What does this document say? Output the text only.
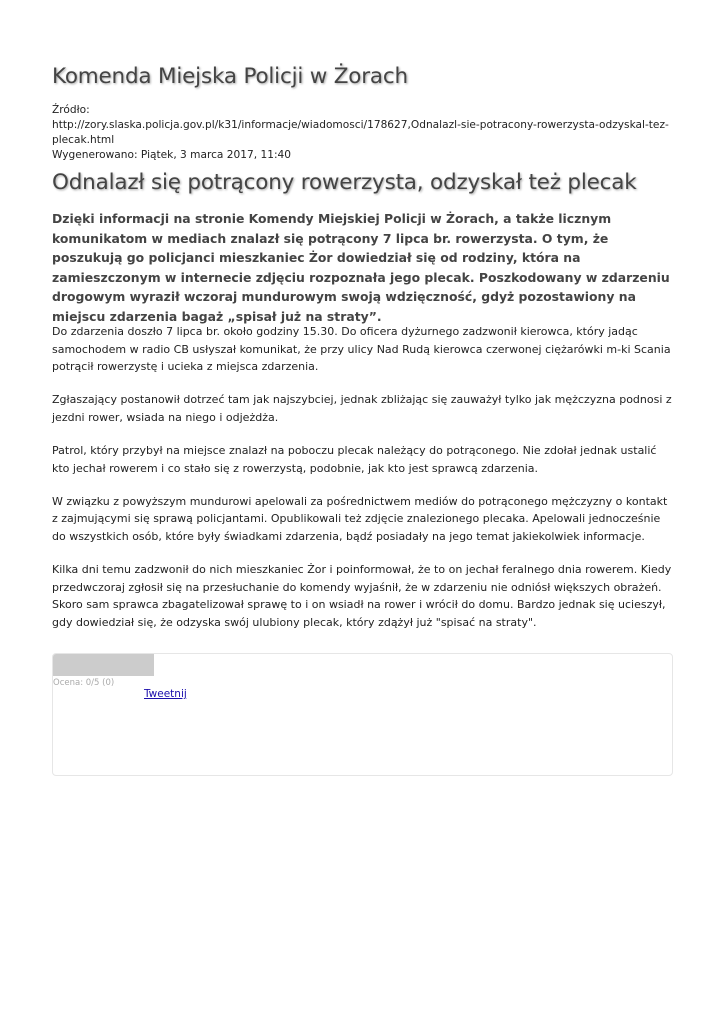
Komenda Miejska Policji w Żorach
Źródło:
http://zory.slaska.policja.gov.pl/k31/informacje/wiadomosci/178627,Odnalazl-sie-potracony-rowerzysta-odzyskal-tez-plecak.html
Wygenerowano: Piątek, 3 marca 2017, 11:40
Odnalazł się potrącony rowerzysta, odzyskał też plecak

Dzięki informacji na stronie Komendy Miejskiej Policji w Żorach, a także licznym komunikatom w mediach znalazł się potrącony 7 lipca br. rowerzysta. O tym, że poszukują go policjanci mieszkaniec Żor dowiedział się od rodziny, która na zamieszczonym w internecie zdjęciu rozpoznała jego plecak. Poszkodowany w zdarzeniu drogowym wyraził wczoraj mundurowym swoją wdzięczność, gdyż pozostawiony na miejscu zdarzenia bagaż „spisał już na straty”.

Do zdarzenia doszło 7 lipca br. około godziny 15.30. Do oficera dyżurnego zadzwonił kierowca, który jadąc samochodem w radio CB usłyszał komunikat, że przy ulicy Nad Rudą kierowca czerwonej ciężarówki m-ki Scania potrącił rowerzystę i ucieka z miejsca zdarzenia.

Zgłaszający postanowił dotrzeć tam jak najszybciej, jednak zbliżając się zauważył tylko jak mężczyzna podnosi z jezdni rower, wsiada na niego i odjeżdża.

Patrol, który przybył na miejsce znalazł na poboczu plecak należący do potrąconego. Nie zdołał jednak ustalić kto jechał rowerem i co stało się z rowerzystą, podobnie, jak kto jest sprawcą zdarzenia.

W związku z powyższym mundurowi apelowali za pośrednictwem mediów do potrąconego mężczyzny o kontakt z zajmującymi się sprawą policjantami. Opublikowali też zdjęcie znalezionego plecaka. Apelowali jednocześnie do wszystkich osób, które były świadkami zdarzenia, bądź posiadały na jego temat jakiekolwiek informacje.

Kilka dni temu zadzwonił do nich mieszkaniec Żor i poinformował, że to on jechał feralnego dnia rowerem. Kiedy przedwczoraj zgłosił się na przesłuchanie do komendy wyjaśnił, że w zdarzeniu nie odniósł większych obrażeń. Skoro sam sprawca zbagatelizował sprawę to i on wsiadł na rower i wrócił do domu. Bardzo jednak się ucieszył, gdy dowiedział się, że odzyska swój ulubiony plecak, który zdążył już "spisać na straty".

Ocena: 0/5 (0)
Tweetnij
